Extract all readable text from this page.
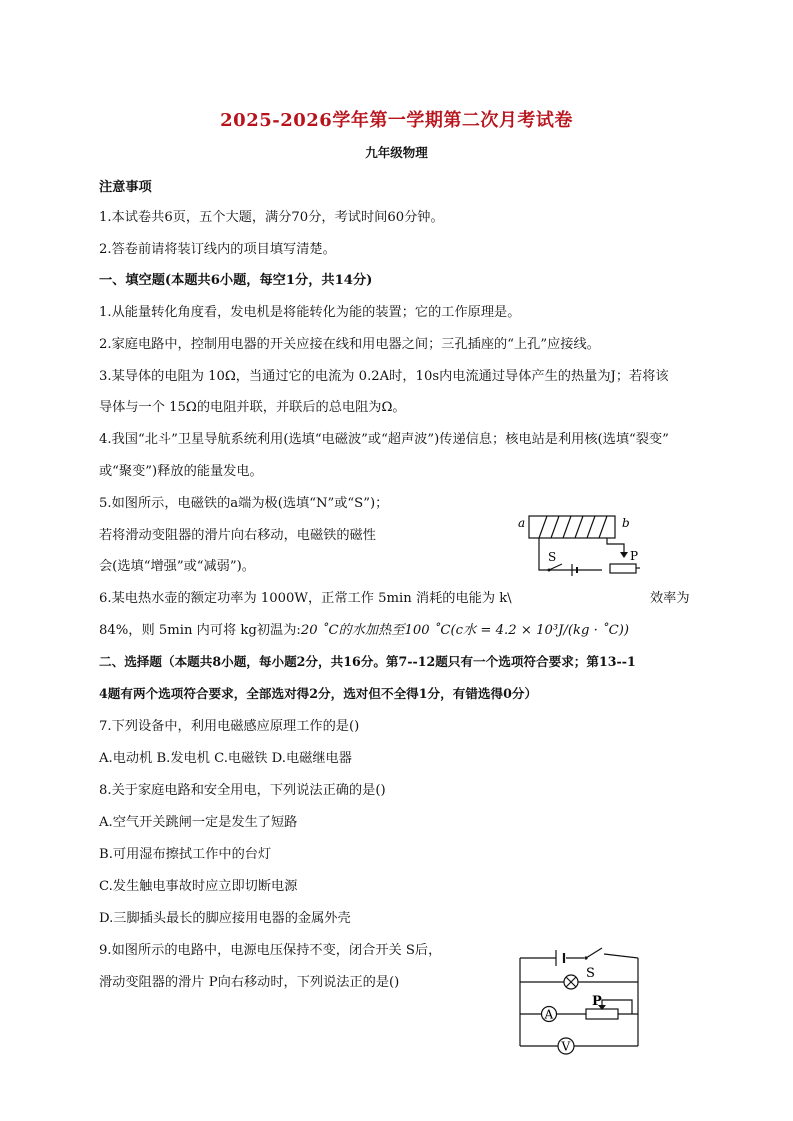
2025-2026学年第一学期第二次月考试卷
九年级物理
注意事项
1.本试卷共6页，五个大题，满分70分，考试时间60分钟。
2.答卷前请将装订线内的项目填写清楚。
一、填空题(本题共6小题，每空1分，共14分)
1.从能量转化角度看，发电机是将能转化为能的装置；它的工作原理是。
2.家庭电路中，控制用电器的开关应接在线和用电器之间；三孔插座的“上孔”应接线。
3.某导体的电阻为 10Ω，当通过它的电流为 0.2A时，10s内电流通过导体产生的热量为J；若将该
导体与一个 15Ω的电阻并联，并联后的总电阻为Ω。
4.我国“北斗”卫星导航系统利用(选填“电磁波”或“超声波”)传递信息；核电站是利用核(选填“裂变”
或“聚变”)释放的能量发电。
5.如图所示，电磁铁的a端为极(选填“N”或“S”)；
若将滑动变阻器的滑片向右移动，电磁铁的磁性
会(选填“增强”或“减弱”)。
a	b
S	P
6.某电热水壶的额定功率为 1000W，正常工作 5min 消耗的电能为 k\	效率为
84%，则 5min 内可将 kg初温为:20 ˚C的水加热至100 ˚C(c水 = 4.2 × 10³J/(kg · ˚C))
二、选择题（本题共8小题，每小题2分，共16分。第7--12题只有一个选项符合要求；第13--1
4题有两个选项符合要求，全部选对得2分，选对但不全得1分，有错选得0分）
7.下列设备中，利用电磁感应原理工作的是()
A.电动机 B.发电机 C.电磁铁 D.电磁继电器
8.关于家庭电路和安全用电，下列说法正确的是()
A.空气开关跳闸一定是发生了短路
B.可用湿布擦拭工作中的台灯
C.发生触电事故时应立即切断电源
D.三脚插头最长的脚应接用电器的金属外壳
9.如图所示的电路中，电源电压保持不变，闭合开关 S后，
滑动变阻器的滑片 P向右移动时，下列说法正的是()
S
A
P
V
